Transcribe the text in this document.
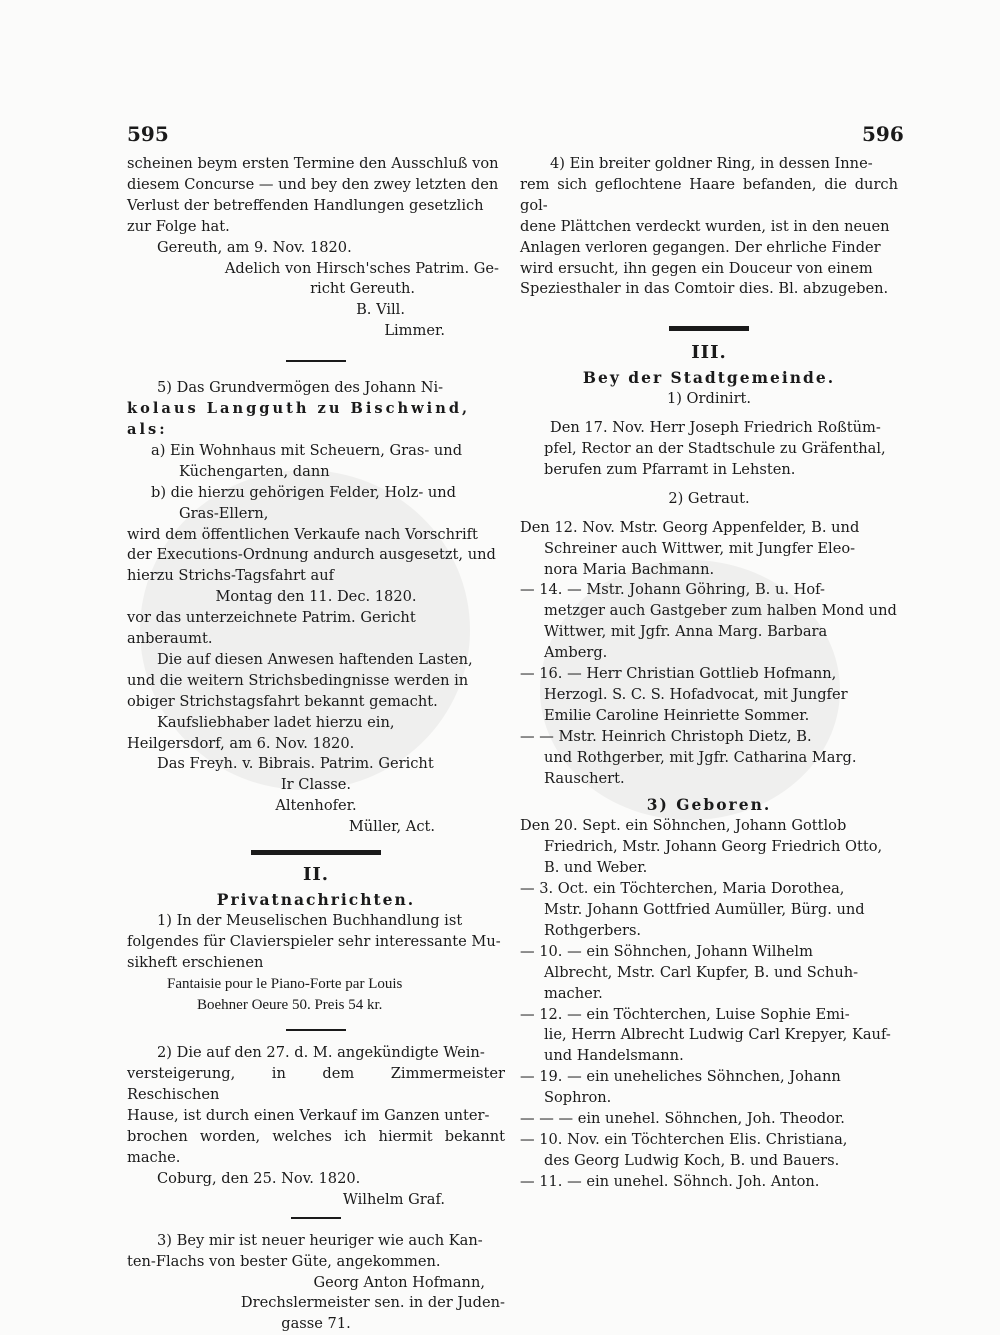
595	596

scheinen beym ersten Termine den Ausschluß von

diesem Concurse — und bey den zwey letzten den

Verlust der betreffenden Handlungen gesetzlich

zur Folge hat.

Gereuth, am 9. Nov. 1820.

Adelich von Hirsch'sches Patrim. Ge-

richt Gereuth.

B. Vill.

Limmer.

5) Das Grundvermögen des Johann Ni-

kolaus Langguth zu Bischwind, als:

a) Ein Wohnhaus mit Scheuern, Gras- und

Küchengarten, dann

b) die hierzu gehörigen Felder, Holz- und

Gras-Ellern,

wird dem öffentlichen Verkaufe nach Vorschrift

der Executions-Ordnung andurch ausgesetzt, und

hierzu Strichs-Tagsfahrt auf

Montag den 11. Dec. 1820.

vor das unterzeichnete Patrim. Gericht anberaumt.

Die auf diesen Anwesen haftenden Lasten,

und die weitern Strichsbedingnisse werden in

obiger Strichstagsfahrt bekannt gemacht.

Kaufsliebhaber ladet hierzu ein,

Heilgersdorf, am 6. Nov. 1820.

Das Freyh. v. Bibrais. Patrim. Gericht

Ir Classe.

Altenhofer.

Müller, Act.

II.

Privatnachrichten.

1) In der Meuselischen Buchhandlung ist

folgendes für Clavierspieler sehr interessante Mu-

sikheft erschienen

Fantaisie pour le Piano-Forte par Louis

Boehner Oeure 50. Preis 54 kr.

2) Die auf den 27. d. M. angekündigte Wein-

versteigerung, in dem Zimmermeister Reschischen

Hause, ist durch einen Verkauf im Ganzen unter-

brochen worden, welches ich hiermit bekannt mache.

Coburg, den 25. Nov. 1820.

Wilhelm Graf.

3) Bey mir ist neuer heuriger wie auch Kan-

ten-Flachs von bester Güte, angekommen.

Georg Anton Hofmann,

Drechslermeister sen. in der Juden-

gasse 71.

4) Ein breiter goldner Ring, in dessen Inne-

rem sich geflochtene Haare befanden, die durch gol-

dene Plättchen verdeckt wurden, ist in den neuen

Anlagen verloren gegangen. Der ehrliche Finder

wird ersucht, ihn gegen ein Douceur von einem

Speziesthaler in das Comtoir dies. Bl. abzugeben.

III.

Bey der Stadtgemeinde.

1) Ordinirt.

Den 17. Nov. Herr Joseph Friedrich Roßtüm-

pfel, Rector an der Stadtschule zu Gräfenthal,

berufen zum Pfarramt in Lehsten.

2) Getraut.

Den 12. Nov. Mstr. Georg Appenfelder, B. und

Schreiner auch Wittwer, mit Jungfer Eleo-

nora Maria Bachmann.

— 14. — Mstr. Johann Göhring, B. u. Hof-

metzger auch Gastgeber zum halben Mond und

Wittwer, mit Jgfr. Anna Marg. Barbara

Amberg.

— 16. — Herr Christian Gottlieb Hofmann,

Herzogl. S. C. S. Hofadvocat, mit Jungfer

Emilie Caroline Heinriette Sommer.

— — Mstr. Heinrich Christoph Dietz, B.

und Rothgerber, mit Jgfr. Catharina Marg.

Rauschert.

3) Geboren.

Den 20. Sept. ein Söhnchen, Johann Gottlob

Friedrich, Mstr. Johann Georg Friedrich Otto,

B. und Weber.

— 3. Oct. ein Töchterchen, Maria Dorothea,

Mstr. Johann Gottfried Aumüller, Bürg. und

Rothgerbers.

— 10. — ein Söhnchen, Johann Wilhelm

Albrecht, Mstr. Carl Kupfer, B. und Schuh-

macher.

— 12. — ein Töchterchen, Luise Sophie Emi-

lie, Herrn Albrecht Ludwig Carl Krepyer, Kauf-

und Handelsmann.

— 19. — ein uneheliches Söhnchen, Johann

Sophron.

— — — ein unehel. Söhnchen, Joh. Theodor.

— 10. Nov. ein Töchterchen Elis. Christiana,

des Georg Ludwig Koch, B. und Bauers.

— 11. — ein unehel. Söhnch. Joh. Anton.
